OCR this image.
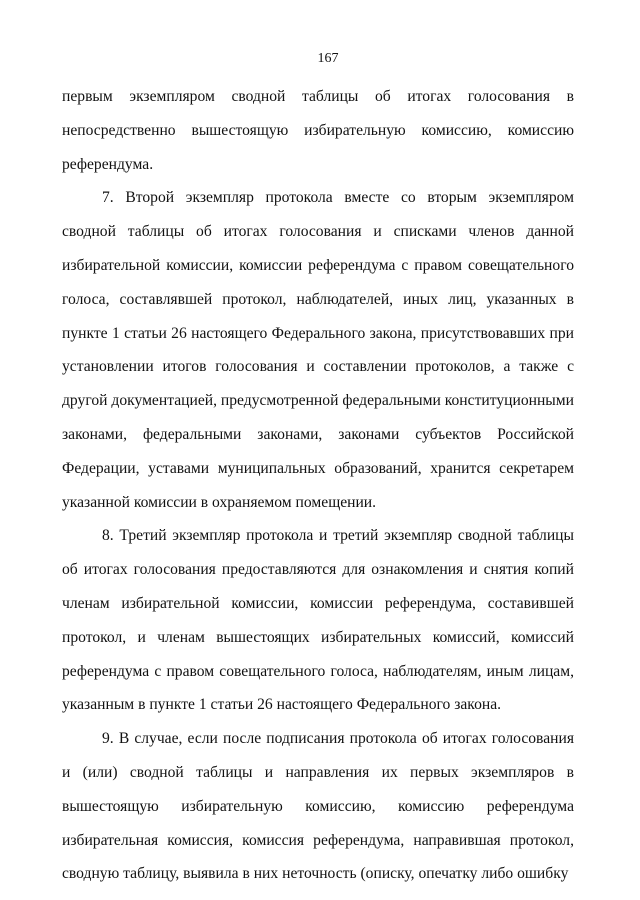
167

первым экземпляром сводной таблицы об итогах голосования в непосредственно вышестоящую избирательную комиссию, комиссию референдума.

7. Второй экземпляр протокола вместе со вторым экземпляром сводной таблицы об итогах голосования и списками членов данной избирательной комиссии, комиссии референдума с правом совещательного голоса, составлявшей протокол, наблюдателей, иных лиц, указанных в пункте 1 статьи 26 настоящего Федерального закона, присутствовавших при установлении итогов голосования и составлении протоколов, а также с другой документацией, предусмотренной федеральными конституционными законами, федеральными законами, законами субъектов Российской Федерации, уставами муниципальных образований, хранится секретарем указанной комиссии в охраняемом помещении.

8. Третий экземпляр протокола и третий экземпляр сводной таблицы об итогах голосования предоставляются для ознакомления и снятия копий членам избирательной комиссии, комиссии референдума, составившей протокол, и членам вышестоящих избирательных комиссий, комиссий референдума с правом совещательного голоса, наблюдателям, иным лицам, указанным в пункте 1 статьи 26 настоящего Федерального закона.

9. В случае, если после подписания протокола об итогах голосования и (или) сводной таблицы и направления их первых экземпляров в вышестоящую избирательную комиссию, комиссию референдума избирательная комиссия, комиссия референдума, направившая протокол, сводную таблицу, выявила в них неточность (описку, опечатку либо ошибку
